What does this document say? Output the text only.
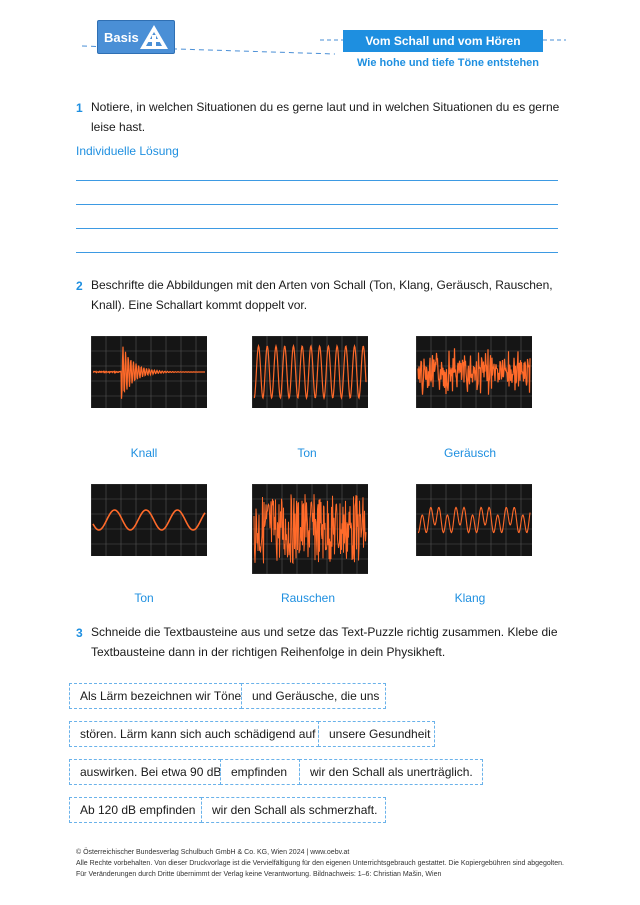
Basis	Vom Schall und vom Hören
Wie hohe und tiefe Töne entstehen
1 Notiere, in welchen Situationen du es gerne laut und in welchen Situationen du es gerne leise hast.
Individuelle Lösung
2 Beschrifte die Abbildungen mit den Arten von Schall (Ton, Klang, Geräusch, Rauschen, Knall). Eine Schallart kommt doppelt vor.
Knall	Ton	Geräusch
Ton	Rauschen	Klang
3 Schneide die Textbausteine aus und setze das Text-Puzzle richtig zusammen. Klebe die Textbausteine dann in der richtigen Reihenfolge in dein Physikheft.
Als Lärm bezeichnen wir Töne und Geräusche, die uns
stören. Lärm kann sich auch schädigend auf	unsere Gesundheit
auswirken. Bei etwa 90 dB empfinden	wir den Schall als unerträglich.
Ab 120 dB empfinden	wir den Schall als schmerzhaft.
© Österreichischer Bundesverlag Schulbuch GmbH & Co. KG, Wien 2024 | www.oebv.at
Alle Rechte vorbehalten. Von dieser Druckvorlage ist die Vervielfältigung für den eigenen Unterrichtsgebrauch gestattet. Die Kopiergebühren sind abgegolten.
Für Veränderungen durch Dritte übernimmt der Verlag keine Verantwortung. Bildnachweis: 1–6: Christian Mašin, Wien
